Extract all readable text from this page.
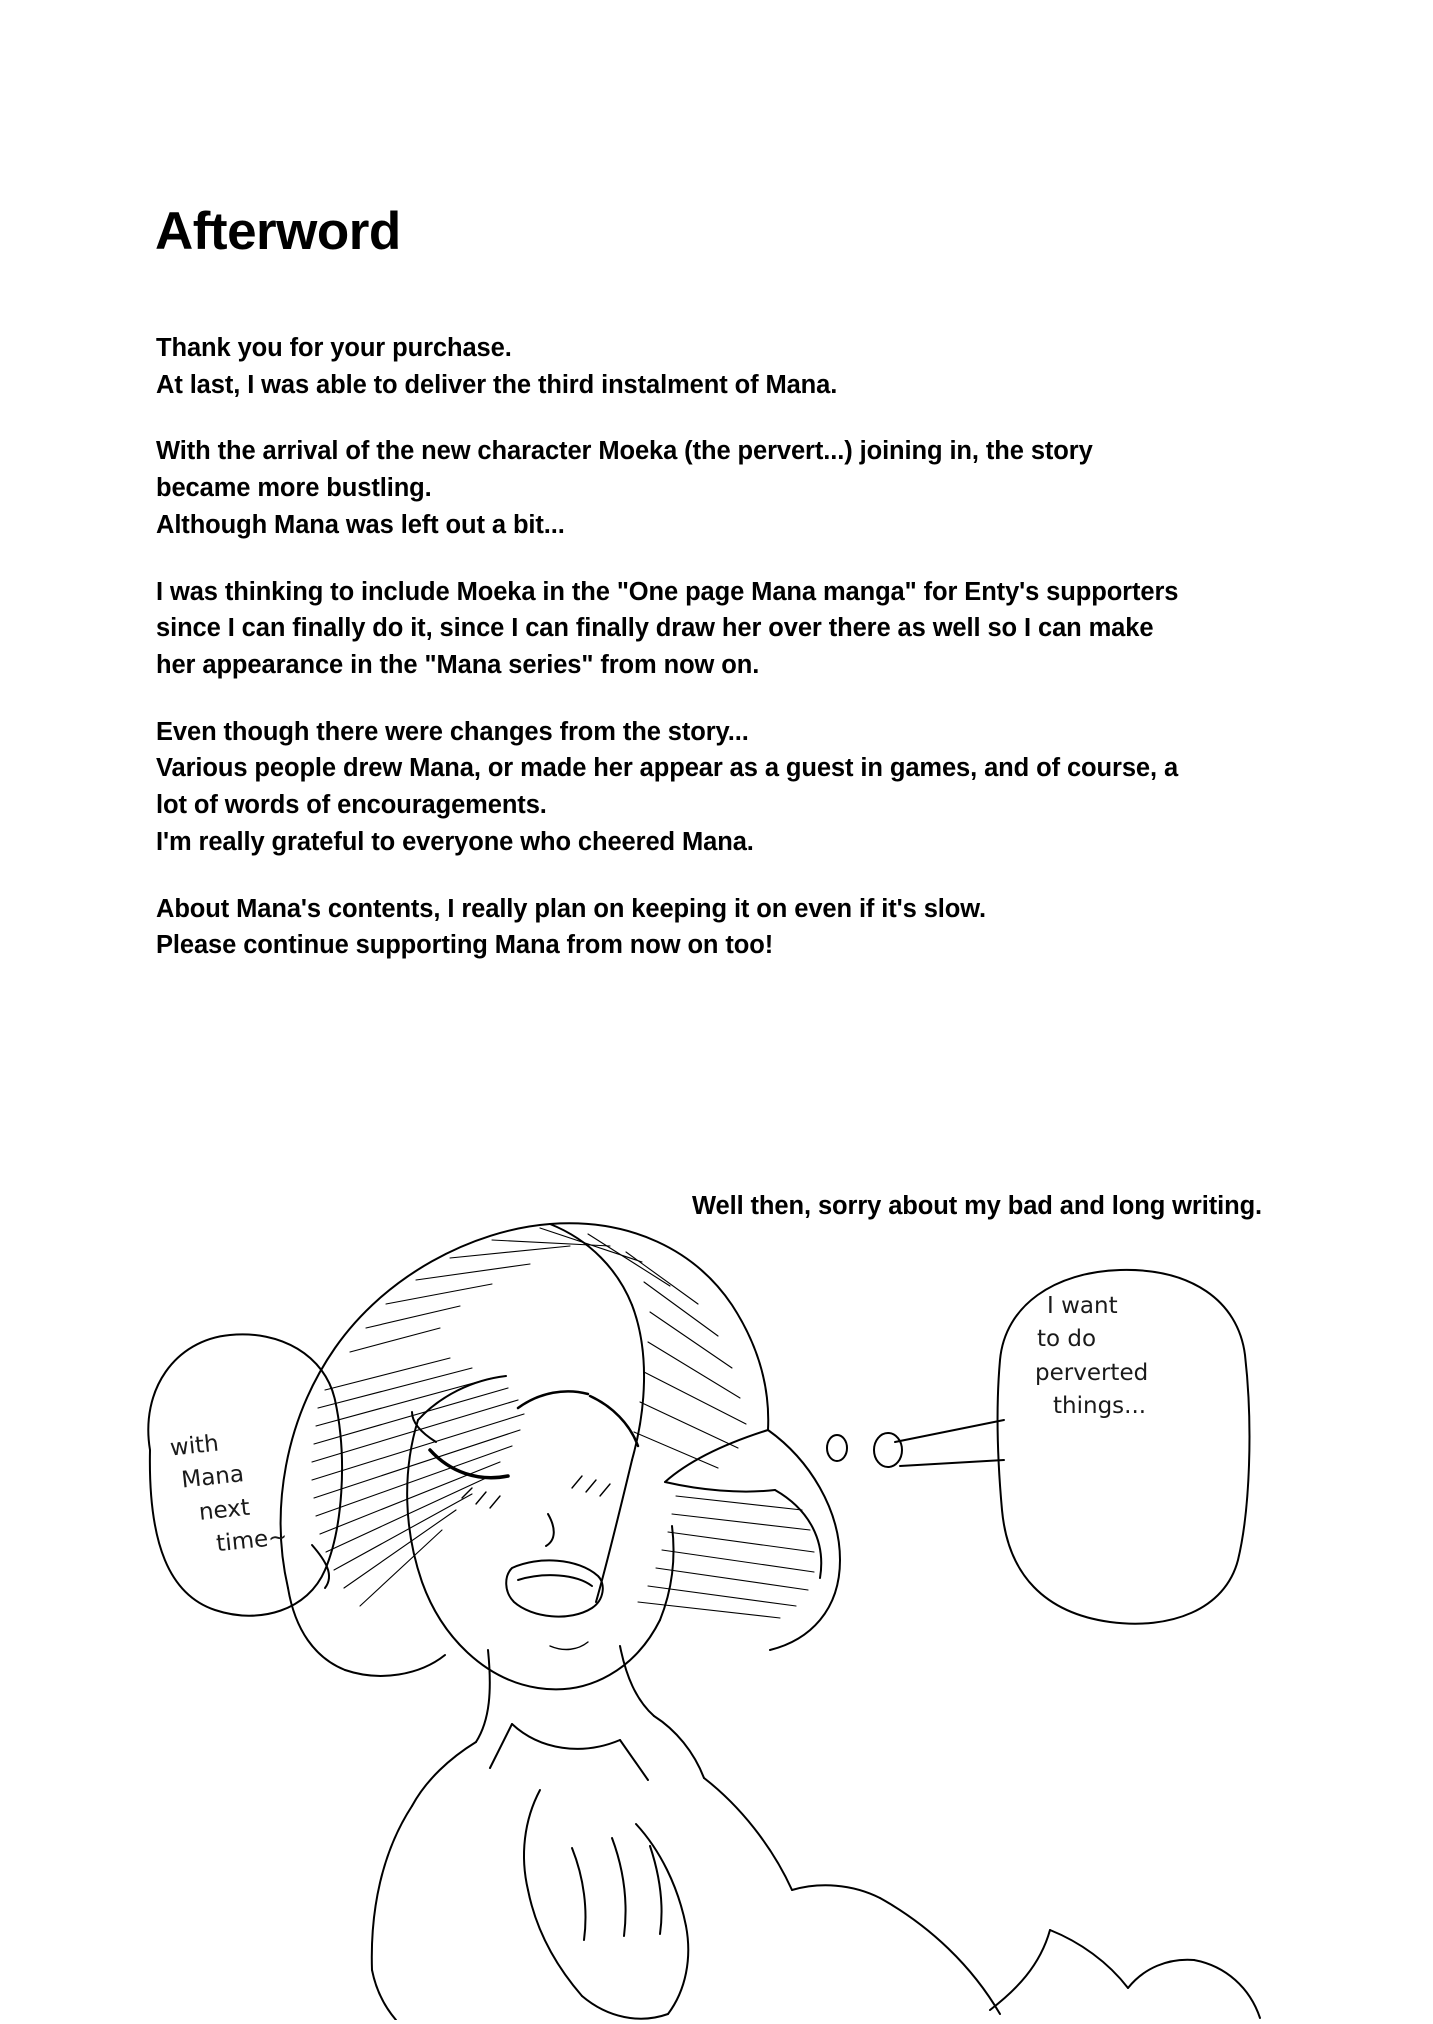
Afterword

Thank you for your purchase.
At last, I was able to deliver the third instalment of Mana.

With the arrival of the new character Moeka (the pervert...) joining in, the story
became more bustling.
Although Mana was left out a bit...

I was thinking to include Moeka in the "One page Mana manga" for Enty's supporters
since I can finally do it, since I can finally draw her over there as well so I can make
her appearance in the "Mana series" from now on.

Even though there were changes from the story...
Various people drew Mana, or made her appear as a guest in games, and of course, a
lot of words of encouragements.
I'm really grateful to everyone who cheered Mana.

About Mana's contents, I really plan on keeping it on even if it's slow.
Please continue supporting Mana from now on too!

Well then, sorry about my bad and long writing.
with
Mana
next
time~
I want
to do
perverted
things...
